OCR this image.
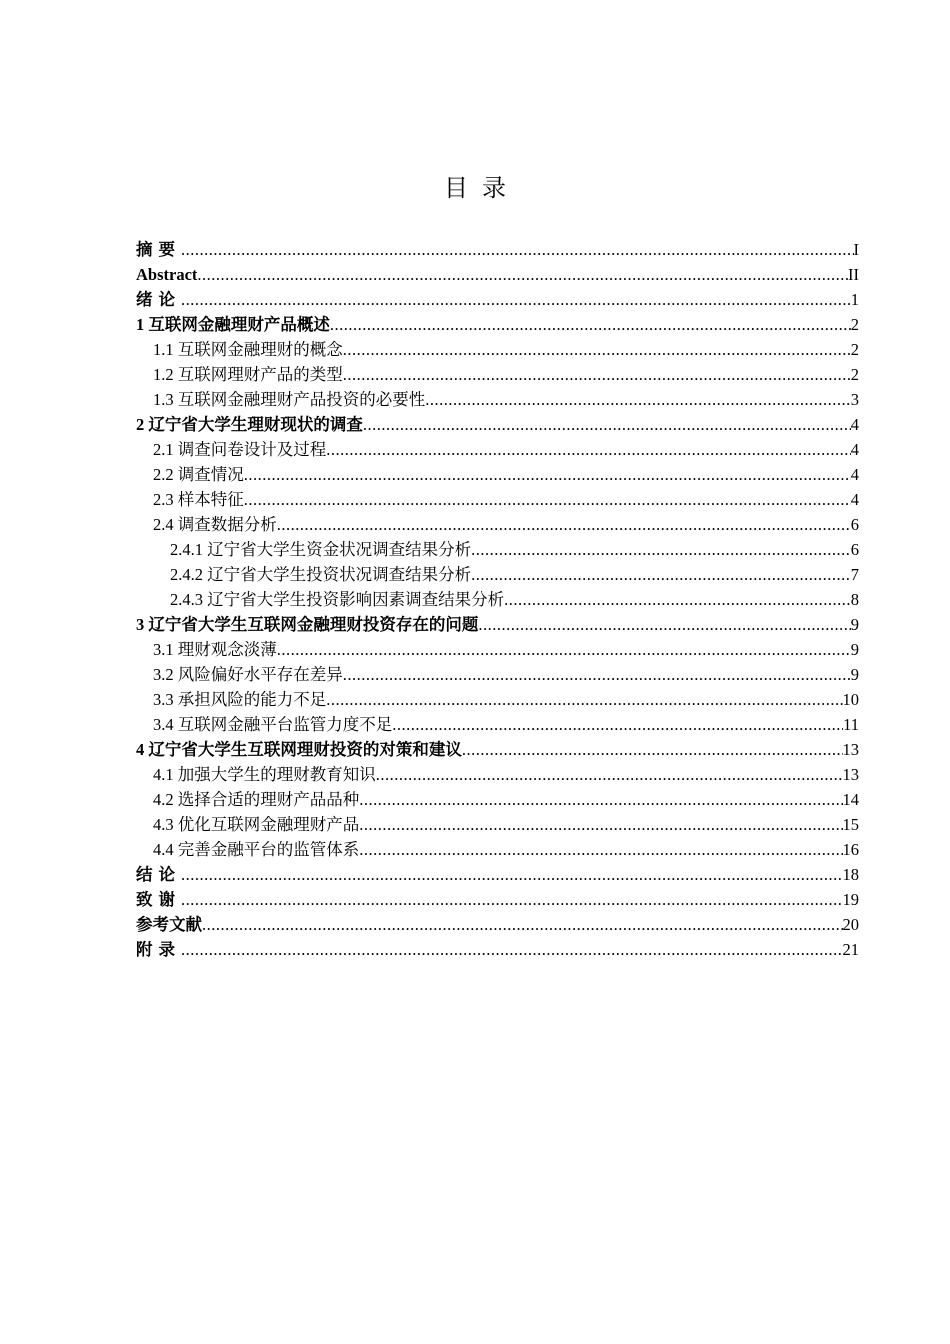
目录
摘要 .....	I
Abstract .....	II
绪论 .....	1
1 互联网金融理财产品概述 .....	2
1.1 互联网金融理财的概念 .....	2
1.2 互联网理财产品的类型 .....	2
1.3 互联网金融理财产品投资的必要性 .....	3
2 辽宁省大学生理财现状的调查 .....	4
2.1 调查问卷设计及过程 .....	4
2.2 调查情况 .....	4
2.3 样本特征 .....	4
2.4 调查数据分析 .....	6
2.4.1 辽宁省大学生资金状况调查结果分析 .....	6
2.4.2 辽宁省大学生投资状况调查结果分析 .....	7
2.4.3 辽宁省大学生投资影响因素调查结果分析 .....	8
3 辽宁省大学生互联网金融理财投资存在的问题 .....	9
3.1 理财观念淡薄 .....	9
3.2 风险偏好水平存在差异 .....	9
3.3 承担风险的能力不足 .....	10
3.4 互联网金融平台监管力度不足 .....	11
4 辽宁省大学生互联网理财投资的对策和建议 .....	13
4.1 加强大学生的理财教育知识 .....	13
4.2 选择合适的理财产品品种 .....	14
4.3 优化互联网金融理财产品 .....	15
4.4 完善金融平台的监管体系 .....	16
结论 .....	18
致谢 .....	19
参考文献 .....	20
附录 .....	21
